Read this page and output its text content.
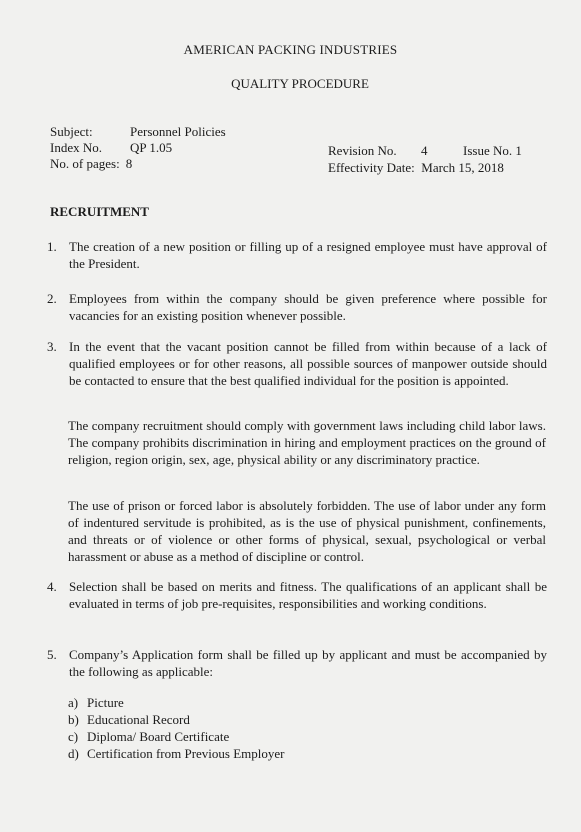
AMERICAN PACKING INDUSTRIES
QUALITY PROCEDURE
Subject:	Personnel Policies
Index No. QP 1.05
No. of pages: 8
Revision No. 4	Issue No. 1
Effectivity Date:  March 15, 2018
RECRUITMENT
1. The creation of a new position or filling up of a resigned employee must have approval of the President.
2. Employees from within the company should be given preference where possible for vacancies for an existing position whenever possible.
3. In the event that the vacant position cannot be filled from within because of a lack of qualified employees or for other reasons, all possible sources of manpower outside should be contacted to ensure that the best qualified individual for the position is appointed.
The company recruitment should comply with government laws including child labor laws. The company prohibits discrimination in hiring and employment practices on the ground of religion, region origin, sex, age, physical ability or any discriminatory practice.
The use of prison or forced labor is absolutely forbidden. The use of labor under any form of indentured servitude is prohibited, as is the use of physical punishment, confinements, and threats or of violence or other forms of physical, sexual, psychological or verbal harassment or abuse as a method of discipline or control.
4. Selection shall be based on merits and fitness. The qualifications of an applicant shall be evaluated in terms of job pre-requisites, responsibilities and working conditions.
5. Company’s Application form shall be filled up by applicant and must be accompanied by the following as applicable:
a) Picture
b) Educational Record
c) Diploma/ Board Certificate
d) Certification from Previous Employer
